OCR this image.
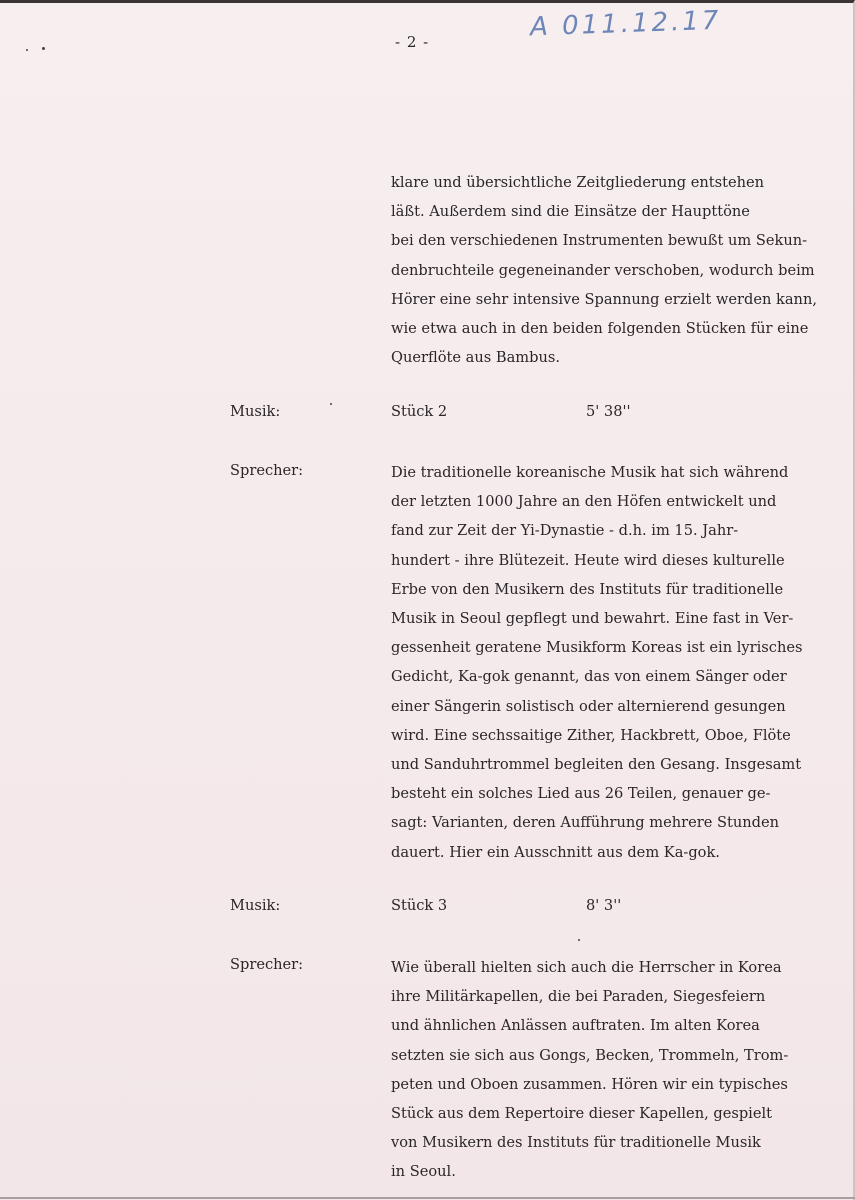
A 011.12.17
- 2 -

klare und übersichtliche Zeitgliederung entstehen
läßt. Außerdem sind die Einsätze der Haupttöne
bei den verschiedenen Instrumenten bewußt um Sekun-
denbruchteile gegeneinander verschoben, wodurch beim
Hörer eine sehr intensive Spannung erzielt werden kann,
wie etwa auch in den beiden folgenden Stücken für eine
Querflöte aus Bambus.

Musik:	Stück 2	5' 38''
Sprecher:	Die traditionelle koreanische Musik hat sich während
der letzten 1000 Jahre an den Höfen entwickelt und
fand zur Zeit der Yi-Dynastie - d.h. im 15. Jahr-
hundert - ihre Blütezeit. Heute wird dieses kulturelle
Erbe von den Musikern des Instituts für traditionelle
Musik in Seoul gepflegt und bewahrt. Eine fast in Ver-
gessenheit geratene Musikform Koreas ist ein lyrisches
Gedicht, Ka-gok genannt, das von einem Sänger oder
einer Sängerin solistisch oder alternierend gesungen
wird. Eine sechssaitige Zither, Hackbrett, Oboe, Flöte
und Sanduhrtrommel begleiten den Gesang. Insgesamt
besteht ein solches Lied aus 26 Teilen, genauer ge-
sagt: Varianten, deren Aufführung mehrere Stunden
dauert. Hier ein Ausschnitt aus dem Ka-gok.

Musik:	Stück 3	8' 3''
Sprecher:	Wie überall hielten sich auch die Herrscher in Korea
ihre Militärkapellen, die bei Paraden, Siegesfeiern
und ähnlichen Anlässen auftraten. Im alten Korea
setzten sie sich aus Gongs, Becken, Trommeln, Trom-
peten und Oboen zusammen. Hören wir ein typisches
Stück aus dem Repertoire dieser Kapellen, gespielt
von Musikern des Instituts für traditionelle Musik
in Seoul.
